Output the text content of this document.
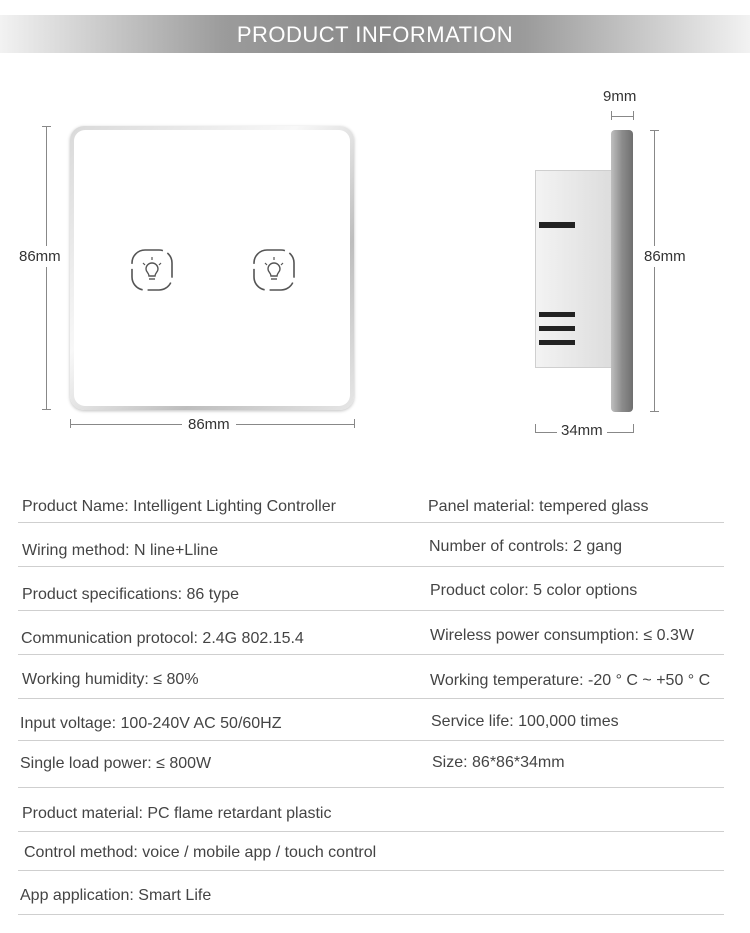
PRODUCT INFORMATION
86mm
86mm
9mm
86mm
34mm
Product Name: Intelligent Lighting Controller	Panel material: tempered glass
Wiring method: N line+Lline	Number of controls: 2 gang
Product specifications: 86 type	Product color: 5 color options
Communication protocol: 2.4G 802.15.4	Wireless power consumption: ≤ 0.3W
Working humidity: ≤ 80%	Working temperature: -20 ° C ~ +50 ° C
Input voltage: 100-240V AC 50/60HZ	Service life: 100,000 times
Single load power: ≤ 800W	Size: 86*86*34mm
Product material: PC flame retardant plastic
Control method: voice / mobile app / touch control
App application: Smart Life
